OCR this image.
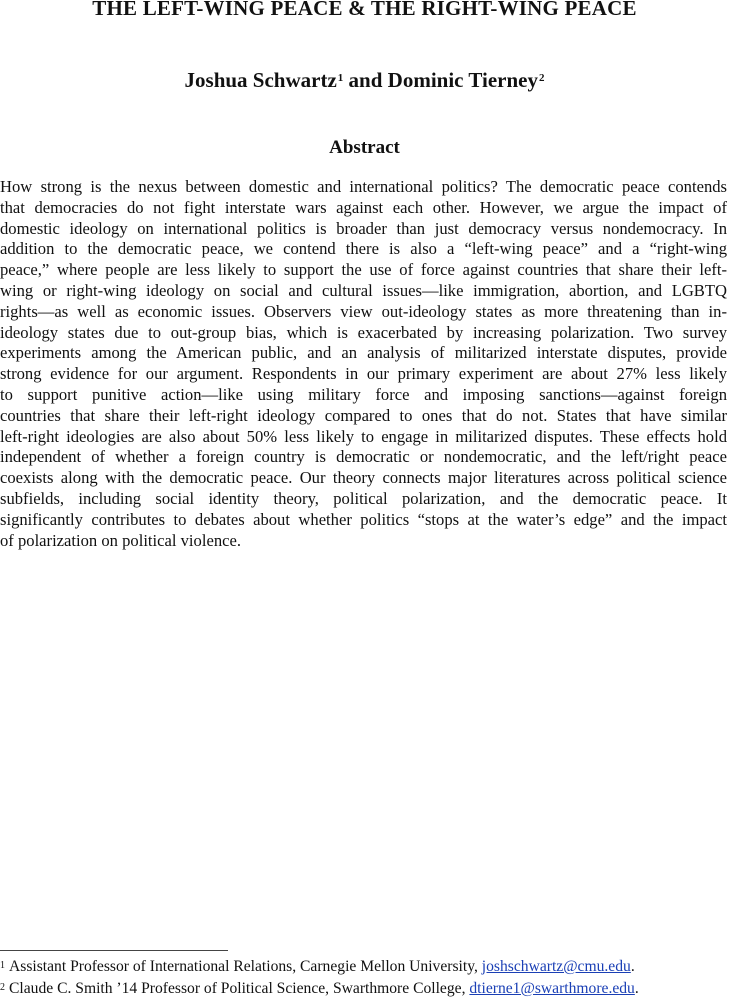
THE LEFT-WING PEACE & THE RIGHT-WING PEACE
Joshua Schwartz$^1$ and Dominic Tierney$^2$
Abstract
How strong is the nexus between domestic and international politics? The democratic peace contends
that democracies do not fight interstate wars against each other. However, we argue the impact of
domestic ideology on international politics is broader than just democracy versus nondemocracy. In
addition to the democratic peace, we contend there is also a “left-wing peace” and a “right-wing
peace,” where people are less likely to support the use of force against countries that share their left-
wing or right-wing ideology on social and cultural issues—like immigration, abortion, and LGBTQ
rights—as well as economic issues. Observers view out-ideology states as more threatening than in-
ideology states due to out-group bias, which is exacerbated by increasing polarization. Two survey
experiments among the American public, and an analysis of militarized interstate disputes, provide
strong evidence for our argument. Respondents in our primary experiment are about 27% less likely
to support punitive action—like using military force and imposing sanctions—against foreign
countries that share their left-right ideology compared to ones that do not. States that have similar
left-right ideologies are also about 50% less likely to engage in militarized disputes. These effects hold
independent of whether a foreign country is democratic or nondemocratic, and the left/right peace
coexists along with the democratic peace. Our theory connects major literatures across political science
subfields, including social identity theory, political polarization, and the democratic peace. It
significantly contributes to debates about whether politics “stops at the water’s edge” and the impact
of polarization on political violence.
$^1$ Assistant Professor of International Relations, Carnegie Mellon University, joshschwartz@cmu.edu.
$^2$ Claude C. Smith ’14 Professor of Political Science, Swarthmore College, dtierne1@swarthmore.edu.
